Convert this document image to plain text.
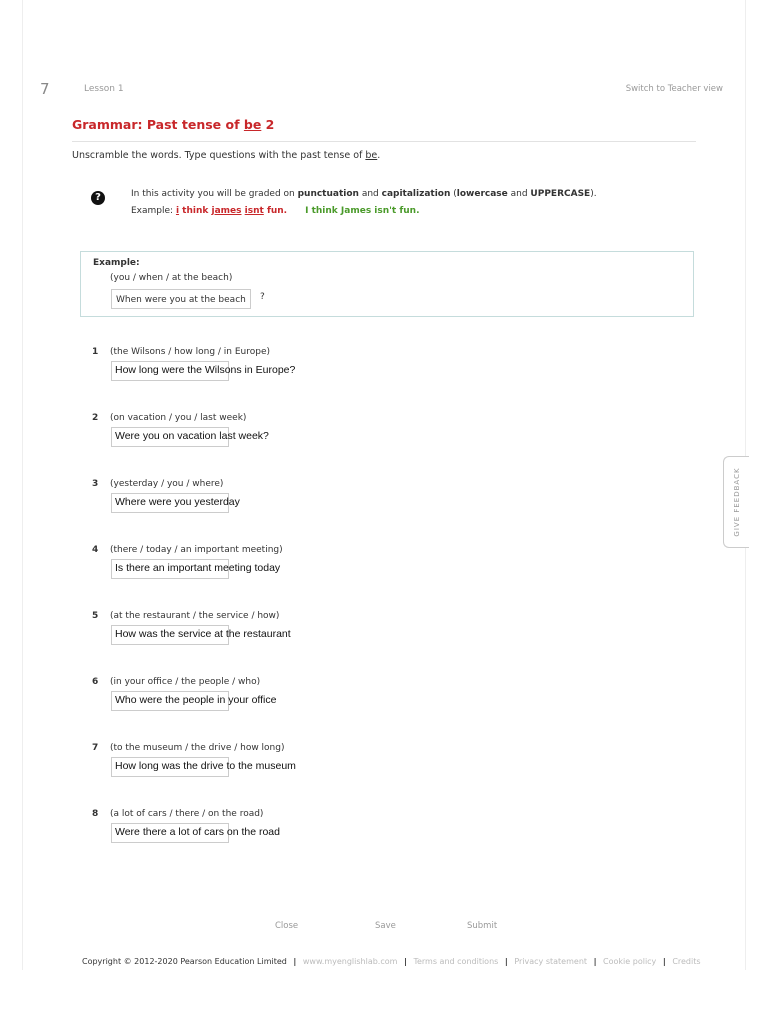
7	Lesson 1	Switch to Teacher view
Grammar: Past tense of be 2
Unscramble the words. Type questions with the past tense of be.
?	In this activity you will be graded on punctuation and capitalization (lowercase and UPPERCASE).
Example: i think james isnt fun. I think James isn't fun.
Example:
(you / when / at the beach)
When were you at the beach	?
1 (the Wilsons / how long / in Europe)
How long were the Wilsons in Europe?
2 (on vacation / you / last week)
Were you on vacation last week?
3 (yesterday / you / where)
Where were you yesterday
4 (there / today / an important meeting)
Is there an important meeting today
5 (at the restaurant / the service / how)
How was the service at the restaurant
6 (in your office / the people / who)
Who were the people in your office
7 (to the museum / the drive / how long)
How long was the drive to the museum
8 (a lot of cars / there / on the road)
Were there a lot of cars on the road
GIVE FEEDBACK
Close	Save	Submit
Copyright © 2012-2020 Pearson Education Limited | www.myenglishlab.com | Terms and conditions | Privacy statement | Cookie policy | Credits
